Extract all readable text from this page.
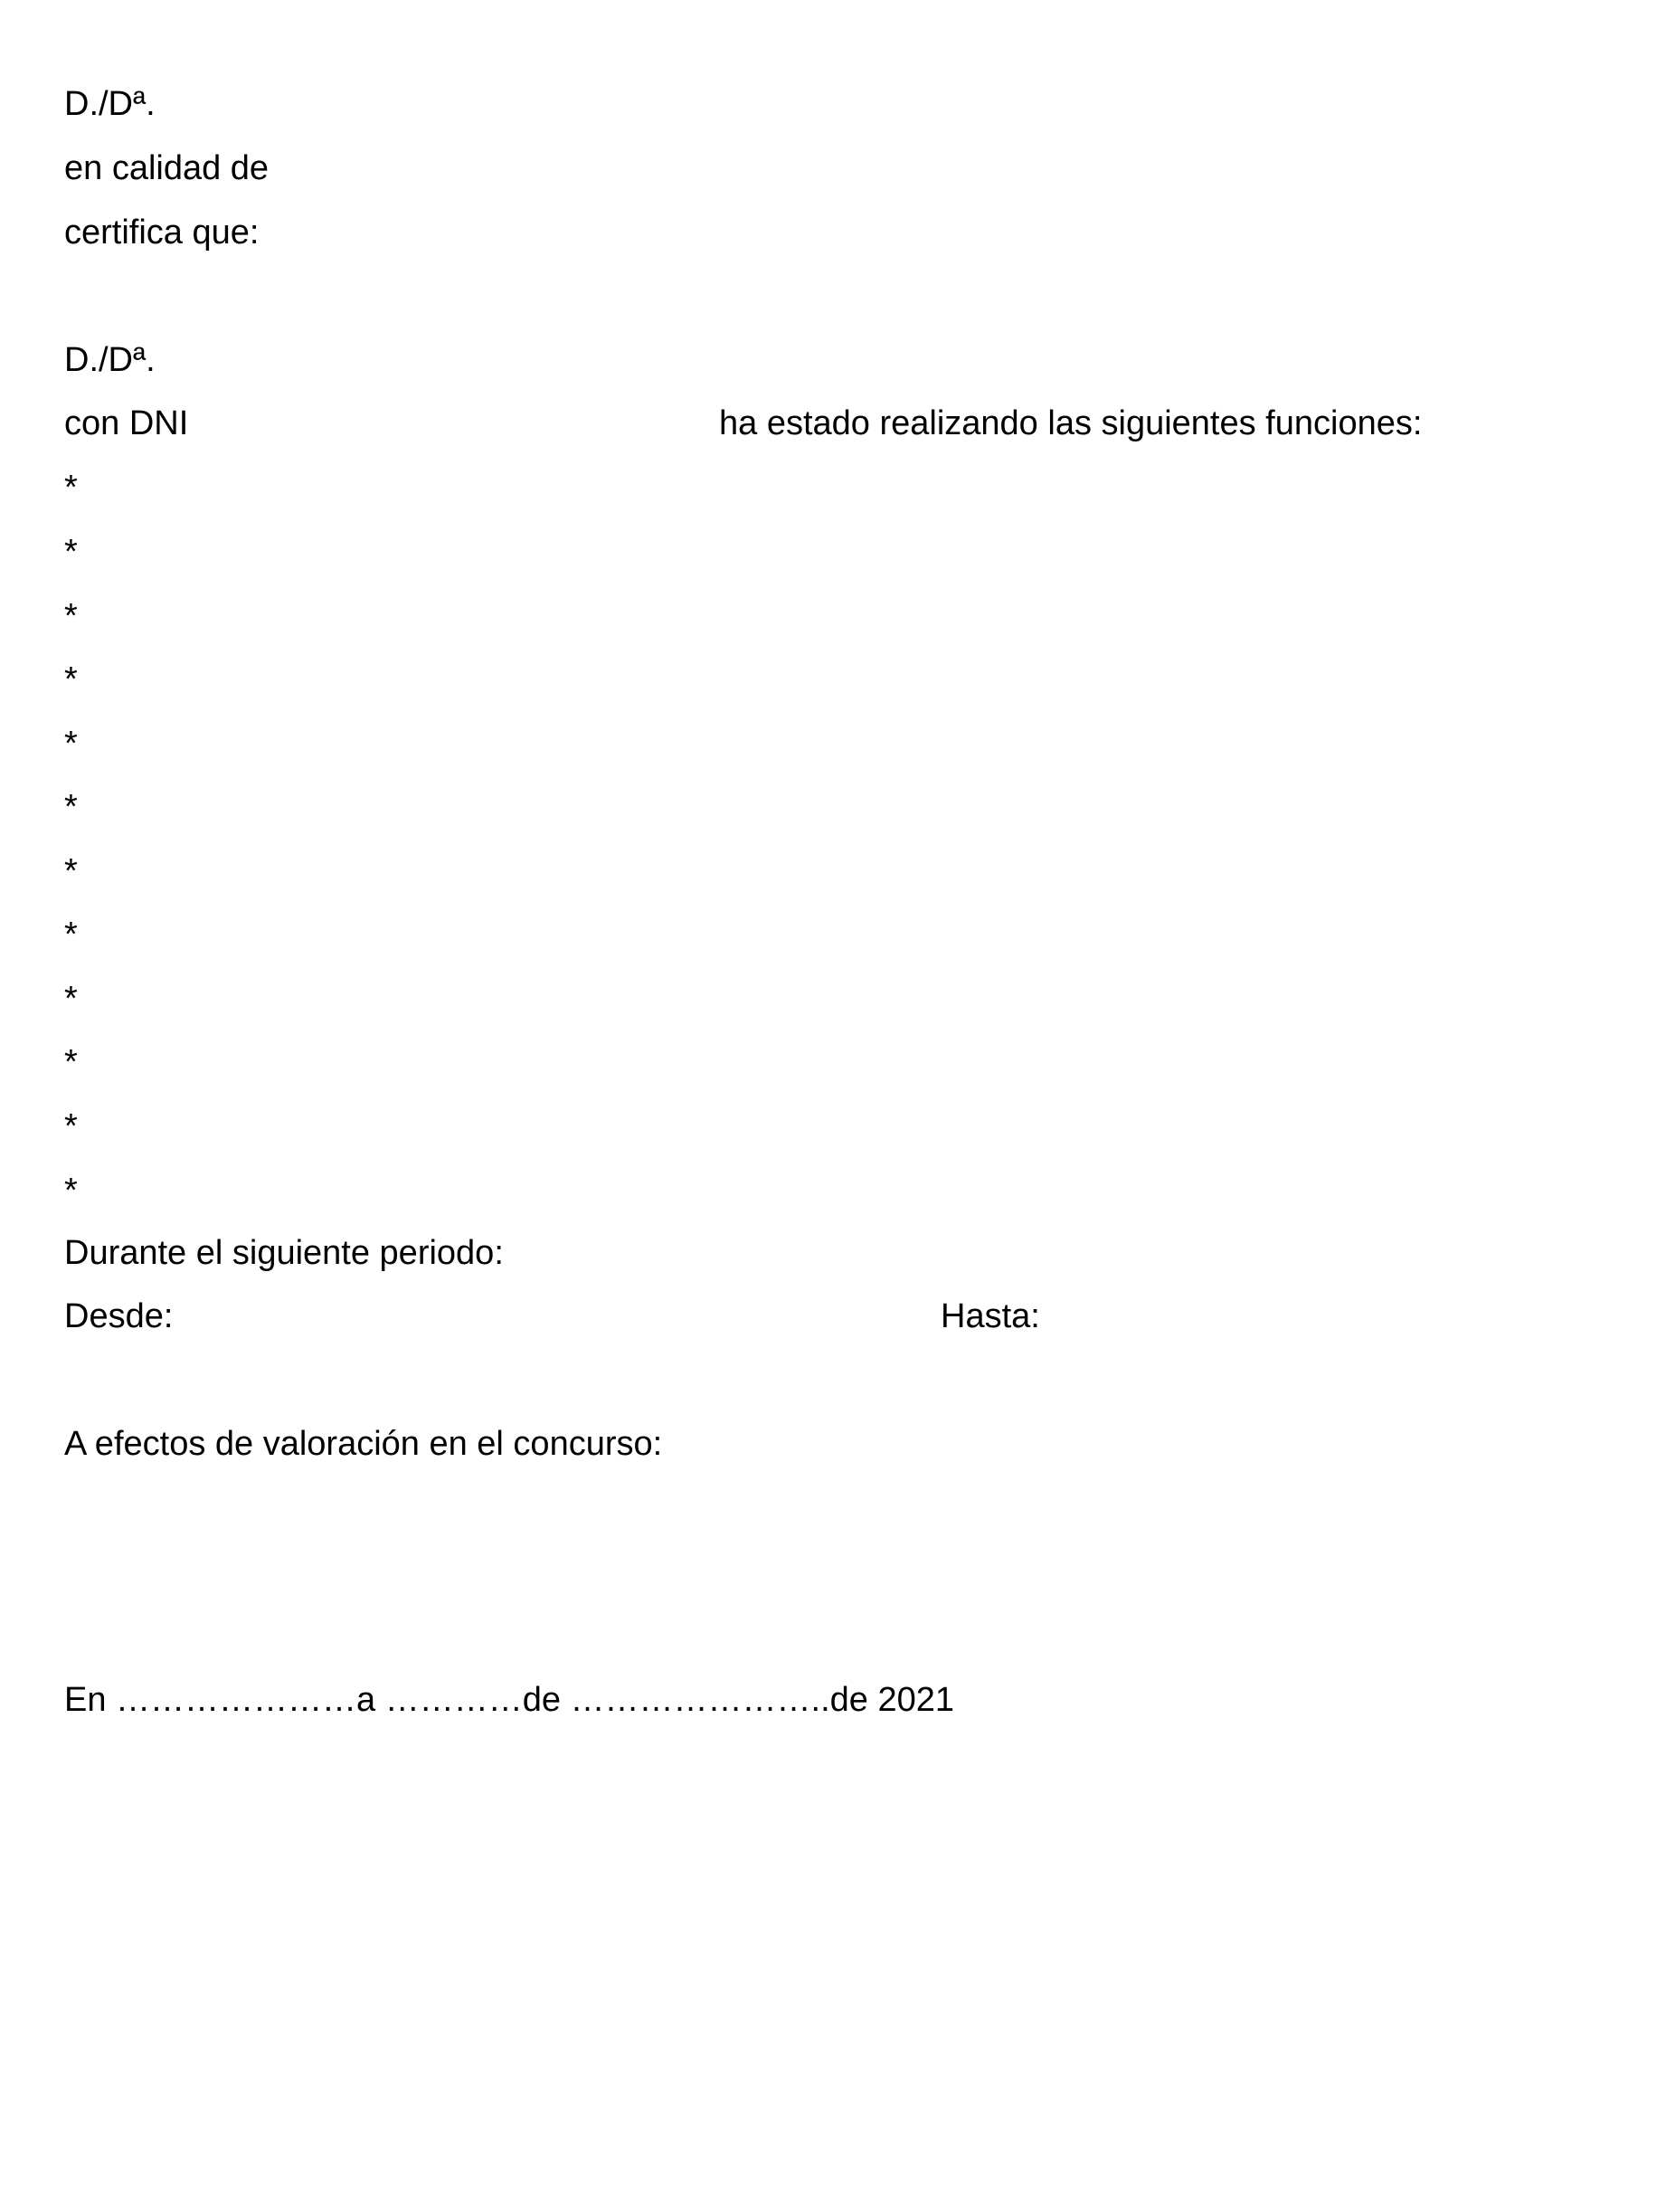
D./Dª.
en calidad de
certifica que:
D./Dª.
con DNI	ha estado realizando las siguientes funciones:
*
*
*
*
*
*
*
*
*
*
*
*
Durante el siguiente periodo:
Desde:	Hasta:
A efectos de valoración en el concurso:
En …………………a …………de …………………..de 2021
